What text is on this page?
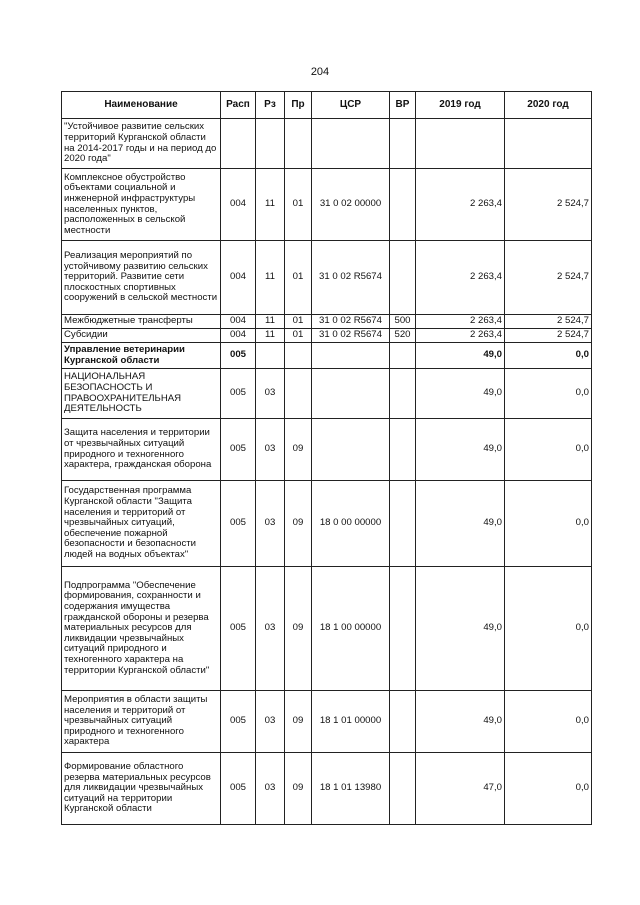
204
Наименование	Расп	Рз	Пр	ЦСР	ВР	2019 год	2020 год
"Устойчивое развитие сельских территорий Курганской области на 2014-2017 годы и на период до 2020 года"							
Комплексное обустройство объектами социальной и инженерной инфраструктуры населенных пунктов, расположенных в сельской местности	004	11	01	31 0 02 00000		2 263,4	2 524,7
Реализация мероприятий по устойчивому развитию сельских территорий. Развитие сети плоскостных спортивных сооружений в сельской местности	004	11	01	31 0 02 R5674		2 263,4	2 524,7
Межбюджетные трансферты	004	11	01	31 0 02 R5674	500	2 263,4	2 524,7
Субсидии	004	11	01	31 0 02 R5674	520	2 263,4	2 524,7
Управление ветеринарии Курганской области	005					49,0	0,0
НАЦИОНАЛЬНАЯ БЕЗОПАСНОСТЬ И ПРАВООХРАНИТЕЛЬНАЯ ДЕЯТЕЛЬНОСТЬ	005	03				49,0	0,0
Защита населения и территории от чрезвычайных ситуаций природного и техногенного характера, гражданская оборона	005	03	09			49,0	0,0
Государственная программа Курганской области "Защита населения и территорий от чрезвычайных ситуаций, обеспечение пожарной безопасности и безопасности людей на водных объектах"	005	03	09	18 0 00 00000		49,0	0,0
Подпрограмма "Обеспечение формирования, сохранности и содержания имущества гражданской обороны и резерва материальных ресурсов для ликвидации чрезвычайных ситуаций природного и техногенного характера на территории Курганской области"	005	03	09	18 1 00 00000		49,0	0,0
Мероприятия в области защиты населения и территорий от чрезвычайных ситуаций природного и техногенного характера	005	03	09	18 1 01 00000		49,0	0,0
Формирование областного резерва материальных ресурсов для ликвидации чрезвычайных ситуаций на территории Курганской области	005	03	09	18 1 01 13980		47,0	0,0
